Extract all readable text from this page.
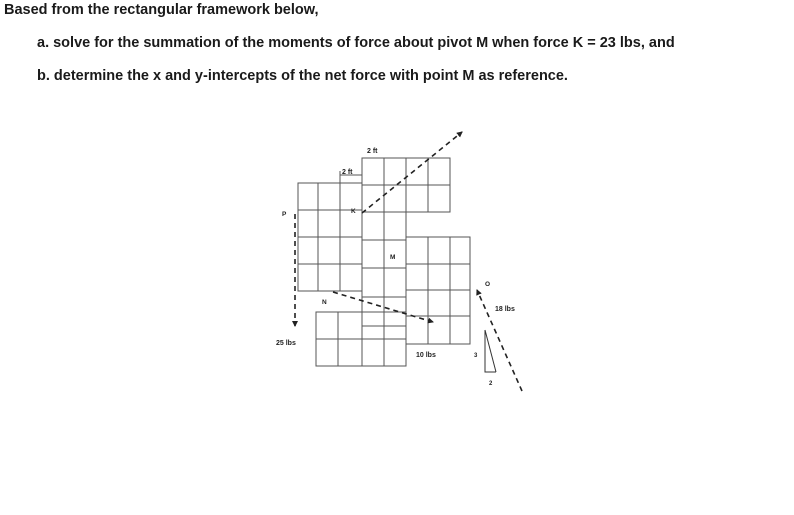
Based from the rectangular framework below,
a. solve for the summation of the moments of force about pivot M when force K = 23 lbs, and
b. determine the x and y-intercepts of the net force with point M as reference.
2 ft
2 ft
K
P
M
N
O
25 lbs
10 lbs
18 lbs
3
2
